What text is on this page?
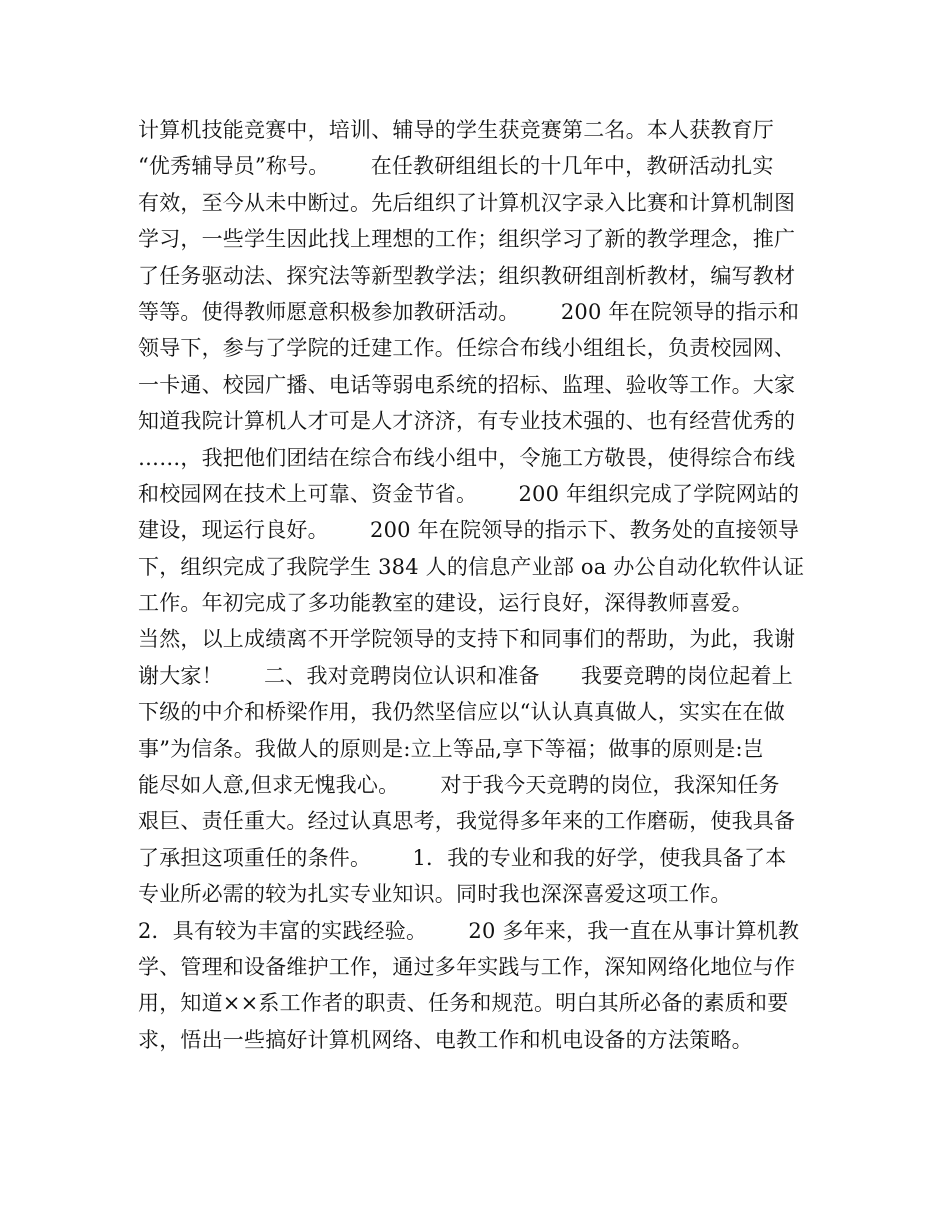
计算机技能竞赛中，培训、辅导的学生获竞赛第二名。本人获教育厅
“优秀辅导员”称号。      在任教研组组长的十几年中，教研活动扎实
有效，至今从未中断过。先后组织了计算机汉字录入比赛和计算机制图
学习，一些学生因此找上理想的工作；组织学习了新的教学理念，推广
了任务驱动法、探究法等新型教学法；组织教研组剖析教材，编写教材
等等。使得教师愿意积极参加教研活动。      200 年在院领导的指示和
领导下，参与了学院的迁建工作。任综合布线小组组长，负责校园网、
一卡通、校园广播、电话等弱电系统的招标、监理、验收等工作。大家
知道我院计算机人才可是人才济济，有专业技术强的、也有经营优秀的
……，我把他们团结在综合布线小组中，令施工方敬畏，使得综合布线
和校园网在技术上可靠、资金节省。      200 年组织完成了学院网站的
建设，现运行良好。      200 年在院领导的指示下、教务处的直接领导
下，组织完成了我院学生 384 人的信息产业部 oa 办公自动化软件认证
工作。年初完成了多功能教室的建设，运行良好，深得教师喜爱。
当然，以上成绩离不开学院领导的支持下和同事们的帮助，为此，我谢
谢大家！      二、我对竞聘岗位认识和准备      我要竞聘的岗位起着上
下级的中介和桥梁作用，我仍然坚信应以“认认真真做人，实实在在做
事”为信条。我做人的原则是:立上等品,享下等福；做事的原则是:岂
能尽如人意,但求无愧我心。      对于我今天竞聘的岗位，我深知任务
艰巨、责任重大。经过认真思考，我觉得多年来的工作磨砺，使我具备
了承担这项重任的条件。      1．我的专业和我的好学，使我具备了本
专业所必需的较为扎实专业知识。同时我也深深喜爱这项工作。
2．具有较为丰富的实践经验。      20 多年来，我一直在从事计算机教
学、管理和设备维护工作，通过多年实践与工作，深知网络化地位与作
用，知道××系工作者的职责、任务和规范。明白其所必备的素质和要
求，悟出一些搞好计算机网络、电教工作和机电设备的方法策略。
